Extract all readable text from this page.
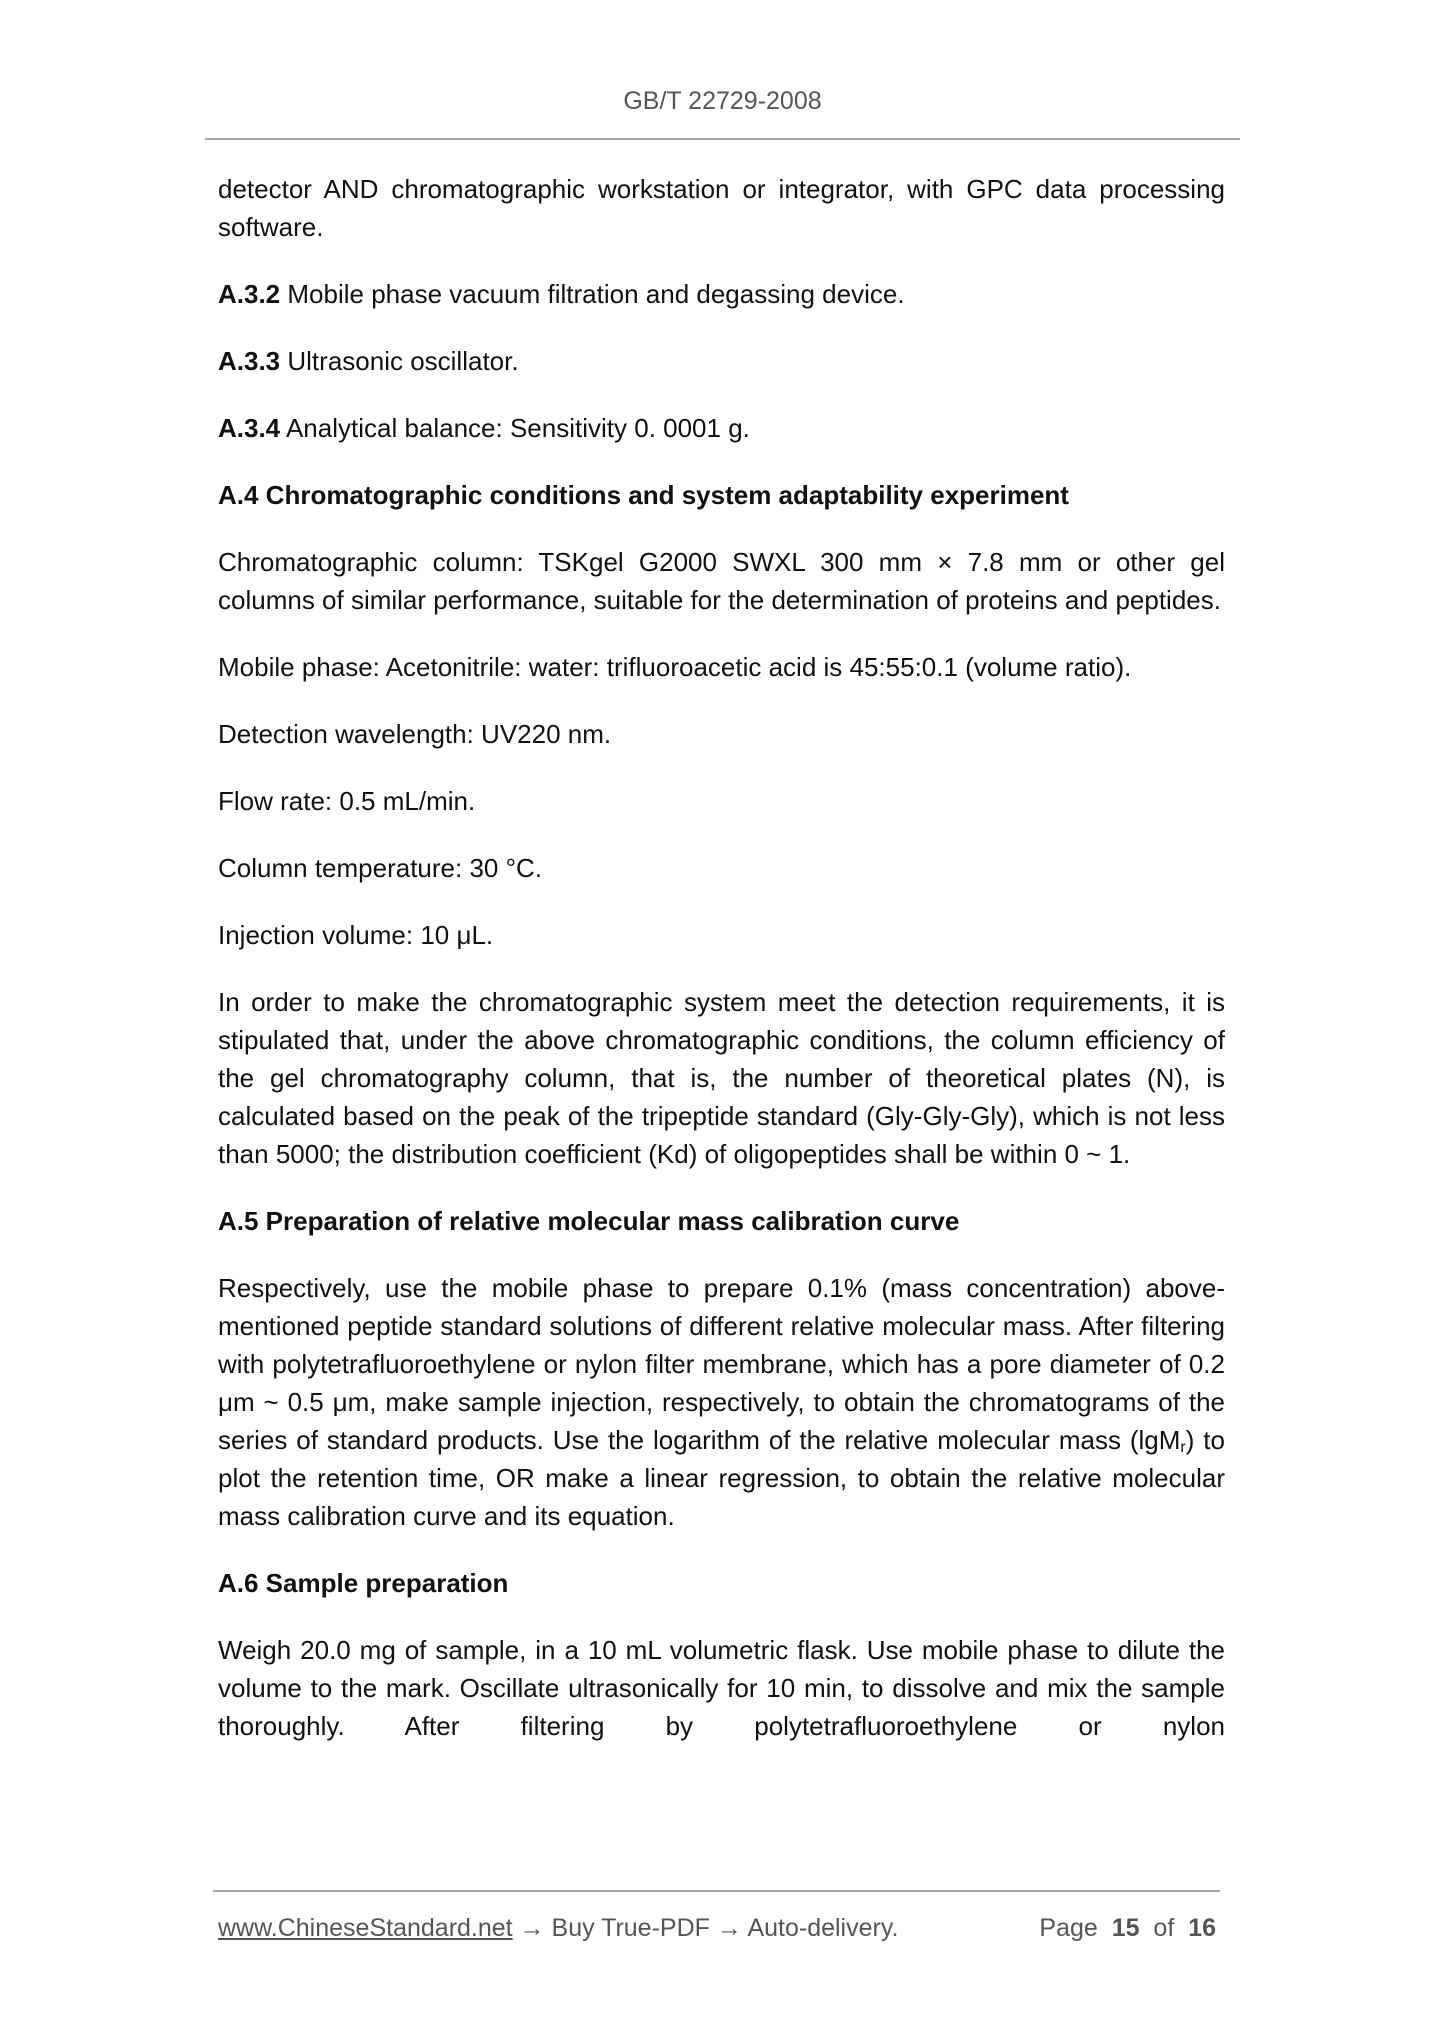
GB/T 22729-2008

detector AND chromatographic workstation or integrator, with GPC data processing software.

A.3.2 Mobile phase vacuum filtration and degassing device.

A.3.3 Ultrasonic oscillator.

A.3.4 Analytical balance: Sensitivity 0. 0001 g.

A.4 Chromatographic conditions and system adaptability experiment

Chromatographic column: TSKgel G2000 SWXL 300 mm × 7.8 mm or other gel columns of similar performance, suitable for the determination of proteins and peptides.

Mobile phase: Acetonitrile: water: trifluoroacetic acid is 45:55:0.1 (volume ratio).

Detection wavelength: UV220 nm.

Flow rate: 0.5 mL/min.

Column temperature: 30 °C.

Injection volume: 10 μL.

In order to make the chromatographic system meet the detection requirements, it is stipulated that, under the above chromatographic conditions, the column efficiency of the gel chromatography column, that is, the number of theoretical plates (N), is calculated based on the peak of the tripeptide standard (Gly-Gly-Gly), which is not less than 5000; the distribution coefficient (Kd) of oligopeptides shall be within 0 ~ 1.

A.5 Preparation of relative molecular mass calibration curve

Respectively, use the mobile phase to prepare 0.1% (mass concentration) above-mentioned peptide standard solutions of different relative molecular mass. After filtering with polytetrafluoroethylene or nylon filter membrane, which has a pore diameter of 0.2 μm ~ 0.5 μm, make sample injection, respectively, to obtain the chromatograms of the series of standard products. Use the logarithm of the relative molecular mass (lgM$_r$) to plot the retention time, OR make a linear regression, to obtain the relative molecular mass calibration curve and its equation.

A.6 Sample preparation

Weigh 20.0 mg of sample, in a 10 mL volumetric flask. Use mobile phase to dilute the volume to the mark. Oscillate ultrasonically for 10 min, to dissolve and mix the sample thoroughly. After filtering by polytetrafluoroethylene or nylon

www.ChineseStandard.net → Buy True-PDF → Auto-delivery.	Page 15 of 16
